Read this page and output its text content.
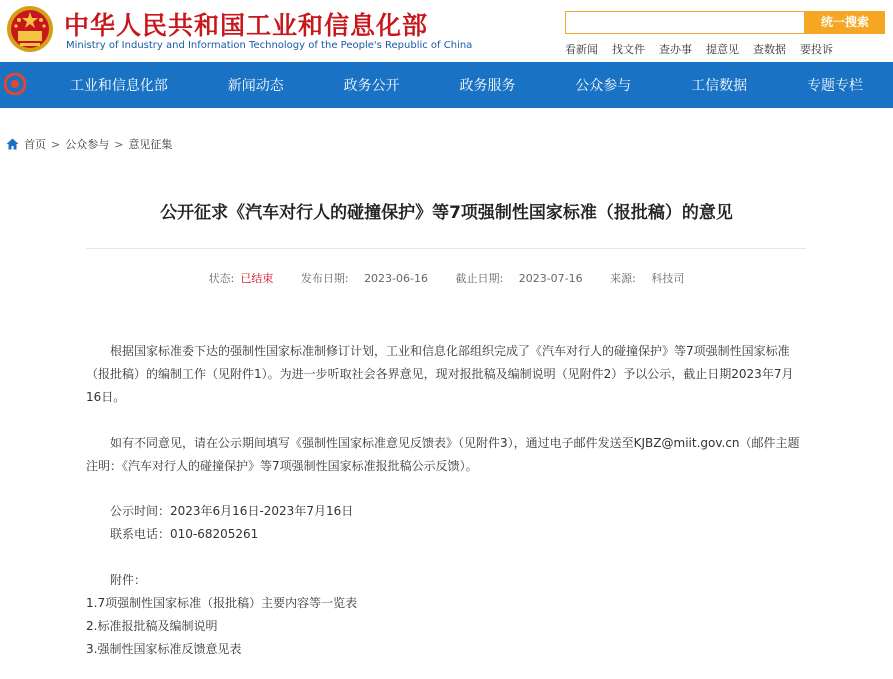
中华人民共和国工业和信息化部
Ministry of Industry and Information Technology of the People's Republic of China
统一搜索
看新闻 找文件 查办事 提意见 查数据 要投诉
工业和信息化部	新闻动态	政务公开	政务服务	公众参与	工信数据	专题专栏
首页 > 公众参与 > 意见征集
公开征求《汽车对行人的碰撞保护》等7项强制性国家标准（报批稿）的意见
状态: 已结束	发布日期: 2023-06-16	截止日期: 2023-07-16	来源: 科技司
根据国家标准委下达的强制性国家标准制修订计划，工业和信息化部组织完成了《汽车对行人的碰撞保护》等7项强制性国家标准（报批稿）的编制工作（见附件1）。为进一步听取社会各界意见，现对报批稿及编制说明（见附件2）予以公示，截止日期2023年7月16日。
如有不同意见，请在公示期间填写《强制性国家标准意见反馈表》（见附件3），通过电子邮件发送至KJBZ@miit.gov.cn（邮件主题注明：《汽车对行人的碰撞保护》等7项强制性国家标准报批稿公示反馈）。
公示时间：2023年6月16日-2023年7月16日
联系电话：010-68205261
附件：
1.7项强制性国家标准（报批稿）主要内容等一览表
2.标准报批稿及编制说明
3.强制性国家标准反馈意见表
